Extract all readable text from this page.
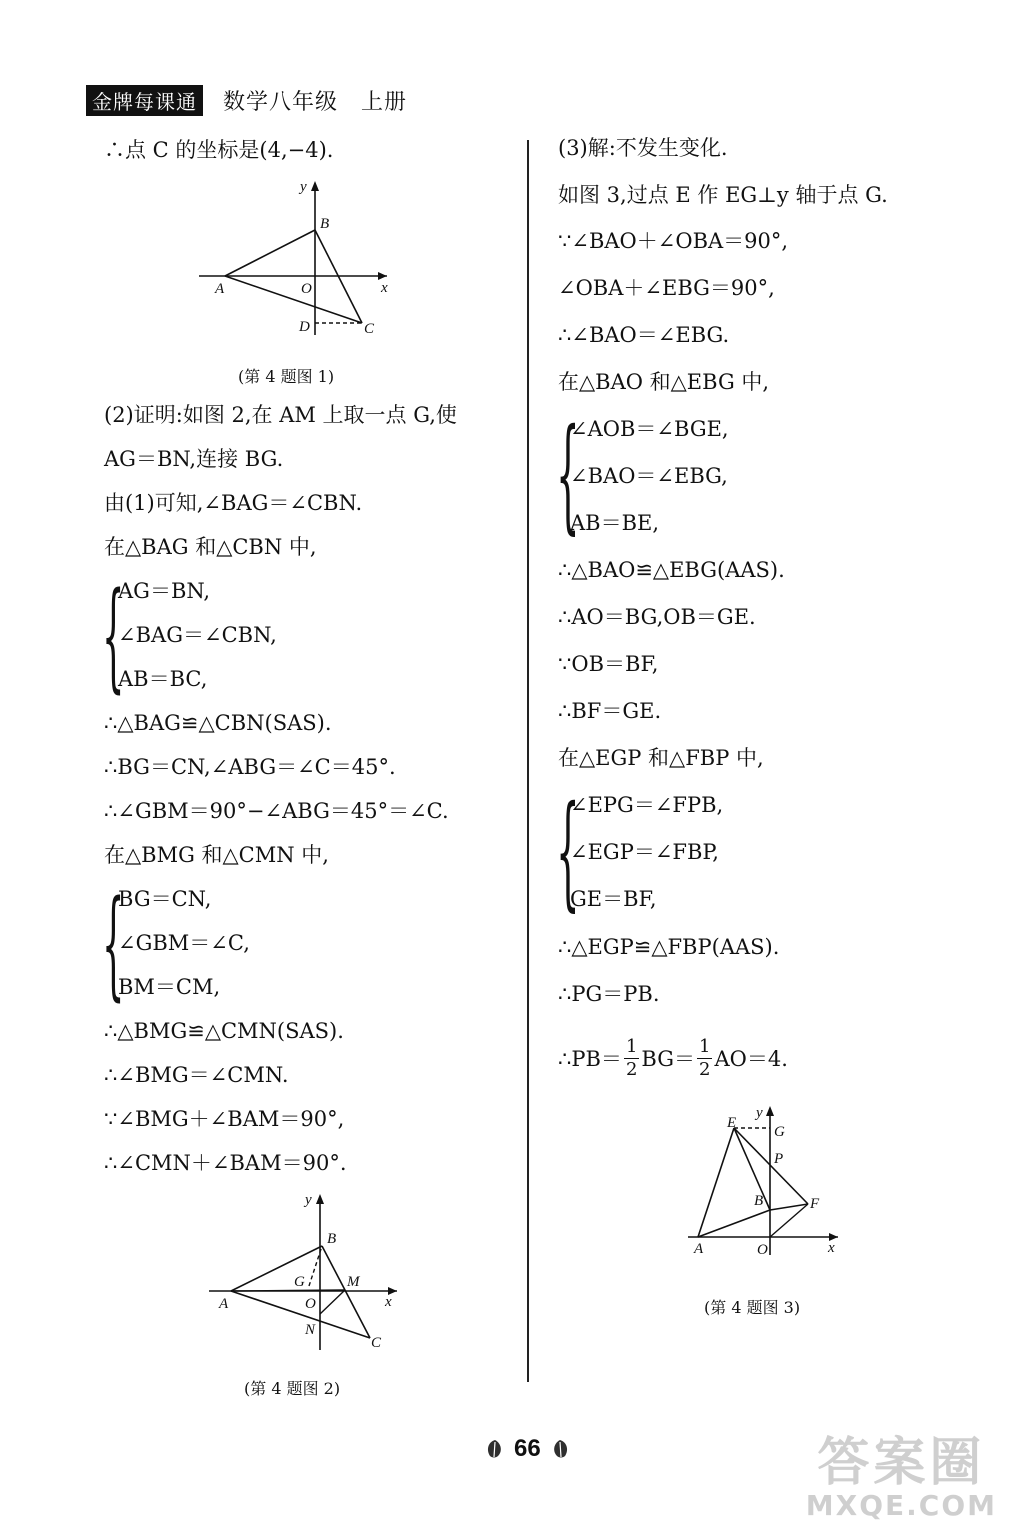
金牌每课通 数学八年级　上册
∴点 C 的坐标是(4,−4).
y
x
B
A	O
D	C
(第 4 题图 1)
(2)证明:如图 2,在 AM 上取一点 G,使
AG＝BN,连接 BG.
由(1)可知,∠BAG＝∠CBN.
在△BAG 和△CBN 中,
{
AG＝BN,
∠BAG＝∠CBN,
AB＝BC,
∴△BAG≌△CBN(SAS).
∴BG＝CN,∠ABG＝∠C＝45°.
∴∠GBM＝90°−∠ABG＝45°＝∠C.
在△BMG 和△CMN 中,
{
BG＝CN,
∠GBM＝∠C,
BM＝CM,
∴△BMG≌△CMN(SAS).
∴∠BMG＝∠CMN.
∵∠BMG＋∠BAM＝90°,
∴∠CMN＋∠BAM＝90°.
y
x
B
A
G	M
O
N
C
(第 4 题图 2)
(3)解:不发生变化.
如图 3,过点 E 作 EG⊥y 轴于点 G.
∵∠BAO＋∠OBA＝90°,
∠OBA＋∠EBG＝90°,
∴∠BAO＝∠EBG.
在△BAO 和△EBG 中,
{
∠AOB＝∠BGE,
∠BAO＝∠EBG,
AB＝BE,
∴△BAO≌△EBG(AAS).
∴AO＝BG,OB＝GE.
∵OB＝BF,
∴BF＝GE.
在△EGP 和△FBP 中,
{
∠EPG＝∠FPB,
∠EGP＝∠FBP,
GE＝BF,
∴△EGP≌△FBP(AAS).
∴PG＝PB.
∴PB＝ $\frac{1}{2} BG= \frac{1}{2} AO=4$.
y
x
E
G
P
B	F
A	O
(第 4 题图 3)
66	答案圈
MXQE.COM
